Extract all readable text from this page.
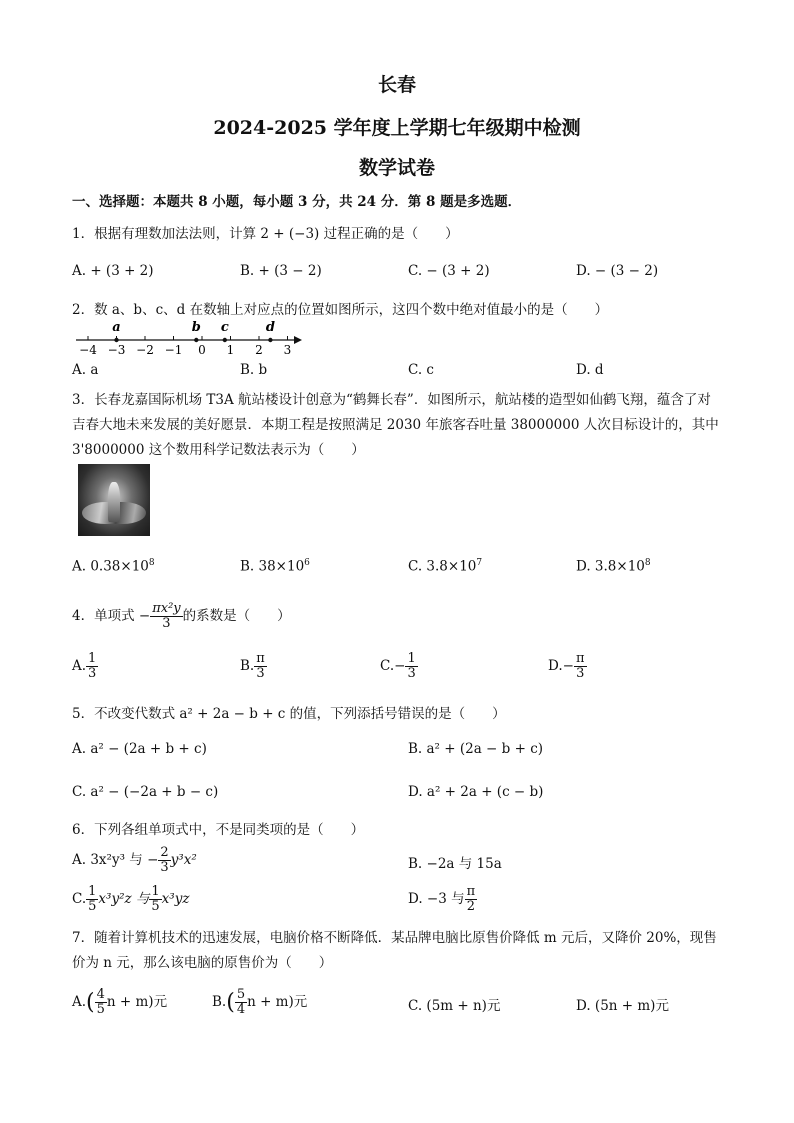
长春
2024-2025 学年度上学期七年级期中检测
数学试卷
一、选择题：本题共 8 小题，每小题 3 分，共 24 分．第 8 题是多选题．
1．根据有理数加法法则，计算 2 + (−3) 过程正确的是（　　）
A. + (3 + 2)	B. + (3 − 2)	C. − (3 + 2)	D. − (3 − 2)
2．数 a、b、c、d 在数轴上对应点的位置如图所示，这四个数中绝对值最小的是（　　）
−4 −3 −2 −1 0 1 2 3
a	b c	d
A. a	B. b	C. c	D. d
3．长春龙嘉国际机场 T3A 航站楼设计创意为“鹤舞长春”．如图所示，航站楼的造型如仙鹤飞翔，蕴含了对吉春大地未来发展的美好愿景．本期工程是按照满足 2030 年旅客吞吐量 38000000 人次目标设计的，其中 3'8000000 这个数用科学记数法表示为（　　）
A. $0.38\times 10^8$	B. $38\times 10^6$	C. $3.8\times 10^7$	D. $3.8\times 10^8$
4．单项式 − $\frac{\text{πx²y}}{3}$ 的系数是（　　）
A. $\frac{1}{3}$	B. $\frac{\pi}{3}$	$C.- \frac{1}{3}$	$D.- \frac{\pi}{3}$
5．不改变代数式 a² + 2a − b + c 的值，下列添括号错误的是（　　）
A. a² − (2a + b + c)	B. a² + (2a − b + c)
C. a² − (−2a + b − c)	D. a² + 2a + (c − b)
6．下列各组单项式中，不是同类项的是（　　）
A. 3x²y³ 与 − $\frac{2}{3} y^3x^2$	B. −2a 与 15a
C. $\frac{1}{5} x^3y^2z$ 与 $\frac{1}{5} x^3yz$	D. −3 与 $\frac{\pi}{2}$
7．随着计算机技术的迅速发展，电脑价格不断降低．某品牌电脑比原售价降低 m 元后，又降价 20%，现售价为 n 元，那么该电脑的原售价为（　　）
$A.( \frac{4}{5}$ n + m)元	$B.( \frac{5}{4}$ n + m)元	C. (5m + n)元	D. (5n + m)元
